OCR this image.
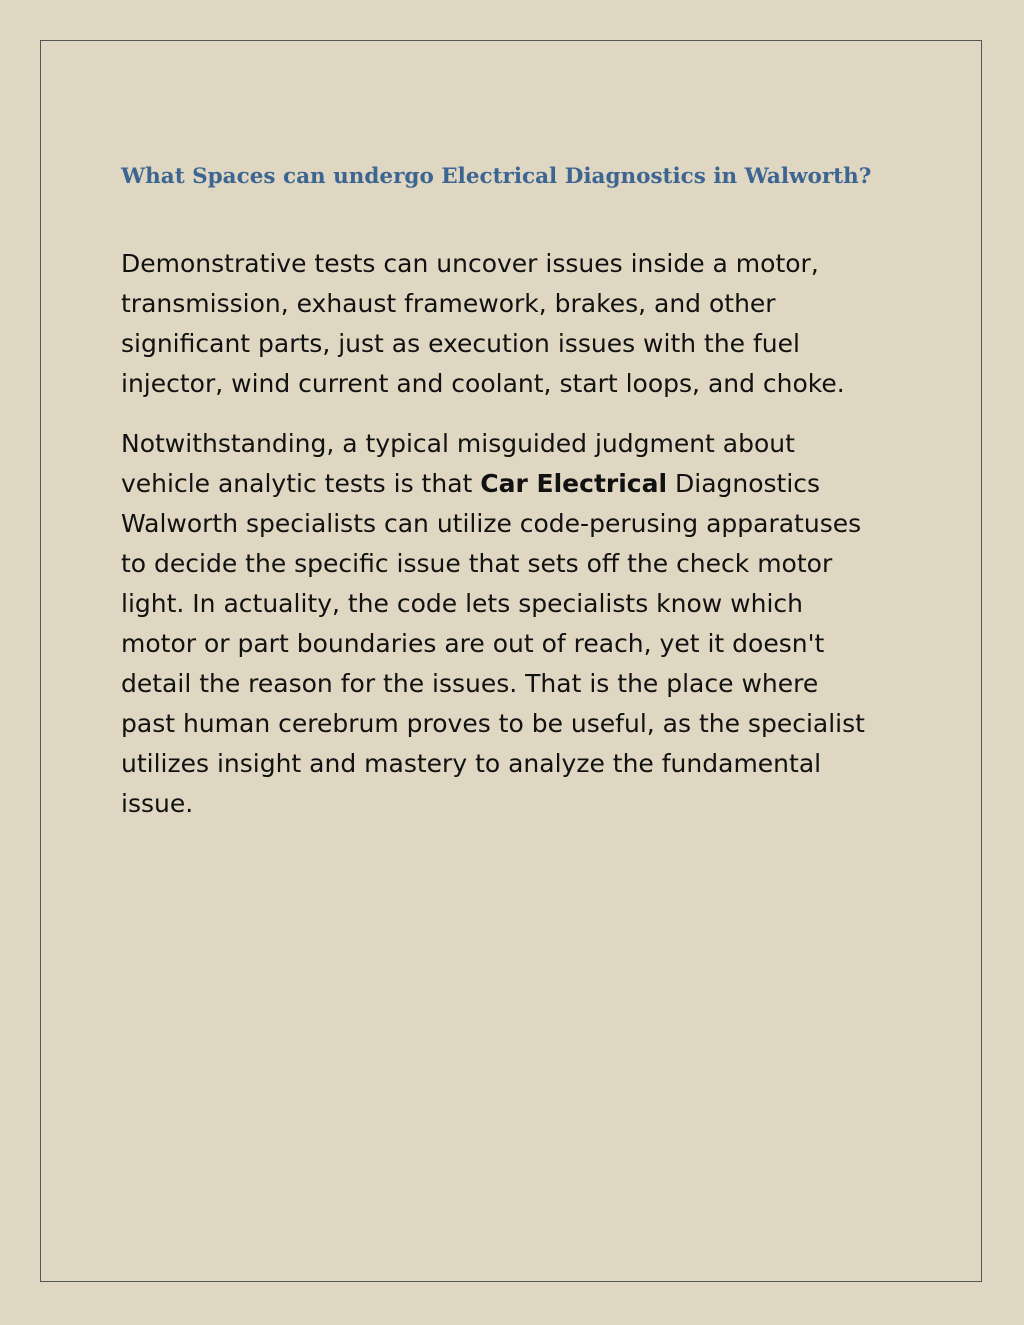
What Spaces can undergo Electrical Diagnostics in Walworth?

Demonstrative tests can uncover issues inside a motor,
transmission, exhaust framework, brakes, and other
significant parts, just as execution issues with the fuel
injector, wind current and coolant, start loops, and choke.

Notwithstanding, a typical misguided judgment about
vehicle analytic tests is that Car Electrical Diagnostics
Walworth specialists can utilize code-perusing apparatuses
to decide the specific issue that sets off the check motor
light. In actuality, the code lets specialists know which
motor or part boundaries are out of reach, yet it doesn't
detail the reason for the issues. That is the place where
past human cerebrum proves to be useful, as the specialist
utilizes insight and mastery to analyze the fundamental
issue.
